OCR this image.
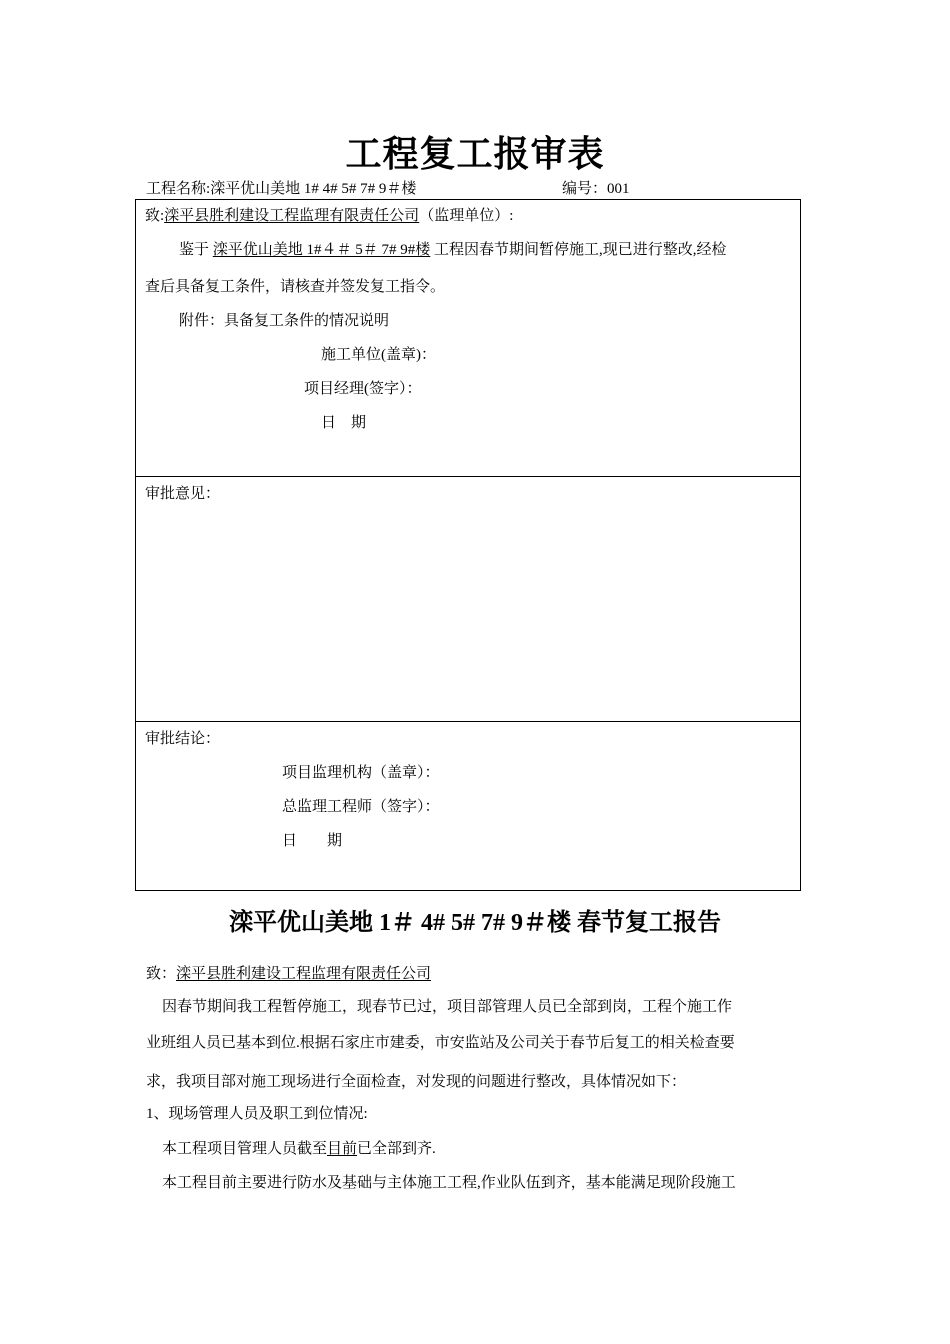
工程复工报审表
工程名称:滦平优山美地 1# 4# 5# 7# 9＃楼	编号：001
致:滦平县胜利建设工程监理有限责任公司（监理单位）:
鉴于 滦平优山美地 1#４＃ 5＃ 7# 9#楼 工程因春节期间暂停施工,现已进行整改,经检
查后具备复工条件，请核查并签发复工指令。
附件：具备复工条件的情况说明
施工单位(盖章)：
项目经理(签字）：
日　期
审批意见：
审批结论：
项目监理机构（盖章）：
总监理工程师（签字）：
日　　期
滦平优山美地 1＃ 4# 5# 7# 9＃楼 春节复工报告
致：滦平县胜利建设工程监理有限责任公司
因春节期间我工程暂停施工，现春节已过，项目部管理人员已全部到岗，工程个施工作
业班组人员已基本到位.根据石家庄市建委，市安监站及公司关于春节后复工的相关检查要
求，我项目部对施工现场进行全面检查，对发现的问题进行整改，具体情况如下：
1、现场管理人员及职工到位情况:
本工程项目管理人员截至目前已全部到齐.
本工程目前主要进行防水及基础与主体施工工程,作业队伍到齐，基本能满足现阶段施工
